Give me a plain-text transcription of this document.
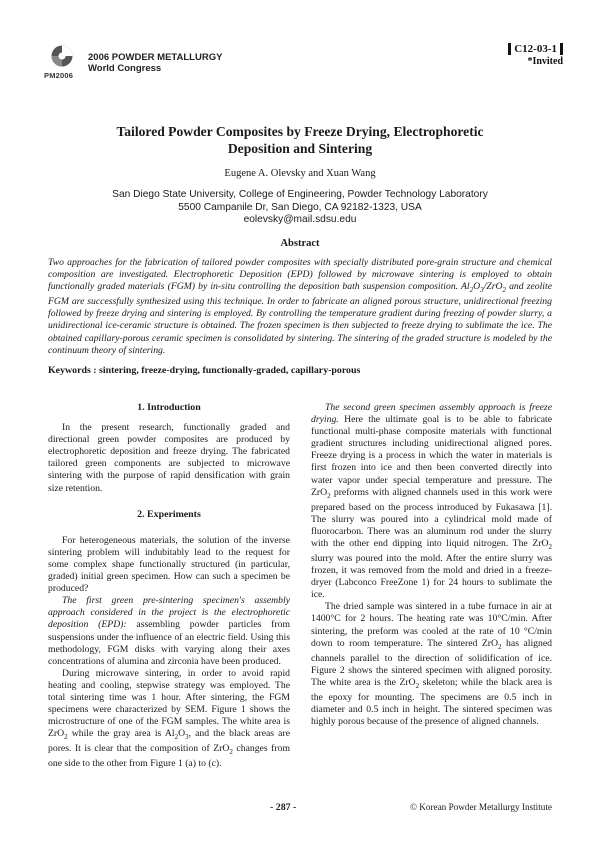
PM2006
2006 POWDER METALLURGY
World Congress
C12-03-1
*Invited
Tailored Powder Composites by Freeze Drying, Electrophoretic
Deposition and Sintering
Eugene A. Olevsky and Xuan Wang
San Diego State University, College of Engineering, Powder Technology Laboratory
5500 Campanile Dr, San Diego, CA 92182-1323, USA
eolevsky@mail.sdsu.edu
Abstract
Two approaches for the fabrication of tailored powder composites with specially distributed pore-grain structure and chemical composition are investigated. Electrophoretic Deposition (EPD) followed by microwave sintering is employed to obtain functionally graded materials (FGM) by in-situ controlling the deposition bath suspension composition. $Al_2O_3/ZrO_2$ and zeolite FGM are successfully synthesized using this technique. In order to fabricate an aligned porous structure, unidirectional freezing followed by freeze drying and sintering is employed. By controlling the temperature gradient during freezing of powder slurry, a unidirectional ice-ceramic structure is obtained. The frozen specimen is then subjected to freeze drying to sublimate the ice. The obtained capillary-porous ceramic specimen is consolidated by sintering. The sintering of the graded structure is modeled by the continuum theory of sintering.
Keywords : sintering, freeze-drying, functionally-graded, capillary-porous
1. Introduction
In the present research, functionally graded and directional green powder composites are produced by electrophoretic deposition and freeze drying. The fabricated tailored green components are subjected to microwave sintering with the purpose of rapid densification with grain size retention.
2. Experiments
For heterogeneous materials, the solution of the inverse sintering problem will indubitably lead to the request for some complex shape functionally structured (in particular, graded) initial green specimen. How can such a specimen be produced?
The first green pre-sintering specimen's assembly approach considered in the project is the electrophoretic deposition (EPD): assembling powder particles from suspensions under the influence of an electric field. Using this methodology, FGM disks with varying along their axes concentrations of alumina and zirconia have been produced.
During microwave sintering, in order to avoid rapid heating and cooling, stepwise strategy was employed. The total sintering time was 1 hour. After sintering, the FGM specimens were characterized by SEM. Figure 1 shows the microstructure of one of the FGM samples. The white area is ZrO$_2$ while the gray area is $Al_2O_3$, and the black areas are pores. It is clear that the composition of ZrO$_2$ changes from one side to the other from Figure 1 (a) to (c).
The second green specimen assembly approach is freeze drying. Here the ultimate goal is to be able to fabricate functional multi-phase composite materials with functional gradient structures including unidirectional aligned pores. Freeze drying is a process in which the water in materials is first frozen into ice and then been converted directly into water vapor under special temperature and pressure. The ZrO$_2$ preforms with aligned channels used in this work were prepared based on the process introduced by Fukasawa [1]. The slurry was poured into a cylindrical mold made of fluorocarbon. There was an aluminum rod under the slurry with the other end dipping into liquid nitrogen. The ZrO$_2$ slurry was poured into the mold. After the entire slurry was frozen, it was removed from the mold and dried in a freeze-dryer (Labconco FreeZone 1) for 24 hours to sublimate the ice.
The dried sample was sintered in a tube furnace in air at 1400°C for 2 hours. The heating rate was 10°C/min. After sintering, the preform was cooled at the rate of 10 °C/min down to room temperature. The sintered ZrO$_2$ has aligned channels parallel to the direction of solidification of ice. Figure 2 shows the sintered specimen with aligned porosity. The white area is the ZrO$_2$ skeleton; while the black area is the epoxy for mounting. The specimens are 0.5 inch in diameter and 0.5 inch in height. The sintered specimen was highly porous because of the presence of aligned channels.
- 287 -	© Korean Powder Metallurgy Institute
